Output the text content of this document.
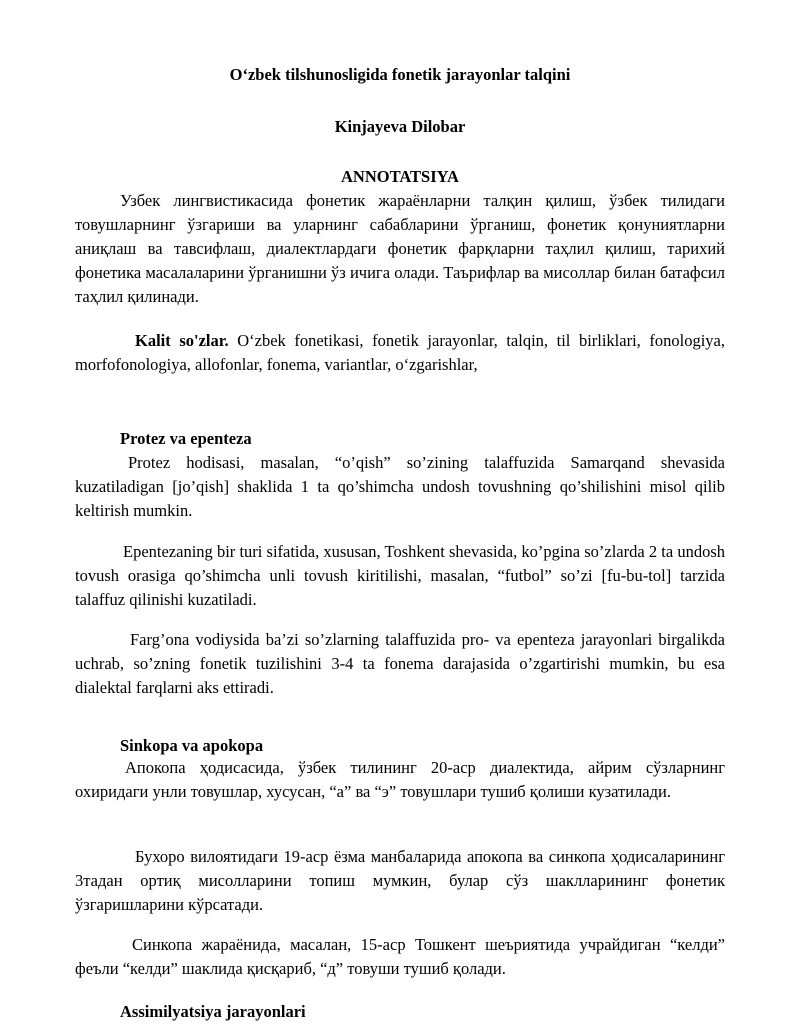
Oʻzbek tilshunosligida fonetik jarayonlar talqini
Kinjayeva Dilobar
ANNOTATSIYA

Узбек лингвистикасида фонетик жараёнларни талқин қилиш, ўзбек тилидаги товушларнинг ўзгариши ва уларнинг сабабларини ўрганиш, фонетик қонуниятларни аниқлаш ва тавсифлаш, диалектлардаги фонетик фарқларни таҳлил қилиш, тарихий фонетика масалаларини ўрганишни ўз ичига олади. Таърифлар ва мисоллар билан батафсил таҳлил қилинади.

Kalit so'zlar. Oʻzbek fonetikasi, fonetik jarayonlar, talqin, til birliklari, fonologiya, morfofonologiya, allofonlar, fonema, variantlar, oʻzgarishlar,

Protez va epenteza

Protez hodisasi, masalan, “o’qish” so’zining talaffuzida Samarqand shevasida kuzatiladigan [jo’qish] shaklida 1 ta qo’shimcha undosh tovushning qo’shilishini misol qilib keltirish mumkin.

Epentezaning bir turi sifatida, xususan, Toshkent shevasida, ko’pgina so’zlarda 2 ta undosh tovush orasiga qo’shimcha unli tovush kiritilishi, masalan, “futbol” so’zi [fu-bu-tol] tarzida talaffuz qilinishi kuzatiladi.

Farg’ona vodiysida ba’zi so’zlarning talaffuzida pro- va epenteza jarayonlari birgalikda uchrab, so’zning fonetik tuzilishini 3-4 ta fonema darajasida o’zgartirishi mumkin, bu esa dialektal farqlarni aks ettiradi.

Sinkopa va apokopa

Апокопа ҳодисасида, ўзбек тилининг 20-аср диалектида, айрим сўзларнинг охиридаги унли товушлар, хусусан, “а” ва “э” товушлари тушиб қолиши кузатилади.

Бухоро вилоятидаги 19-аср ёзма манбаларида апокопа ва синкопа ҳодисаларининг 3тадан ортиқ мисолларини топиш мумкин, булар сўз шаклларининг фонетик ўзгаришларини кўрсатади.

Синкопа жараёнида, масалан, 15-аср Тошкент шеъриятида учрайдиган “келди” феъли “келди” шаклида қисқариб, “д” товуши тушиб қолади.

Assimilyatsiya jarayonlari
